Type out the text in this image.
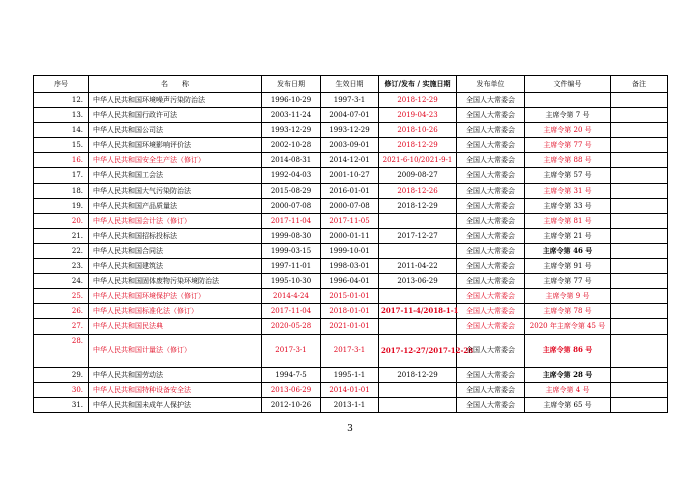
序号	名　　称	发布日期	生效日期	修订/发布 / 实施日期	发布单位	文件编号	备注
12.	中华人民共和国环境噪声污染防治法	1996-10-29	1997-3-1	2018-12-29	全国人大常委会		
13.	中华人民共和国行政许可法	2003-11-24	2004-07-01	2019-04-23	全国人大常委会	主席令第 7 号	
14.	中华人民共和国公司法	1993-12-29	1993-12-29	2018-10-26	全国人大常委会	主席令第 20 号	
15.	中华人民共和国环境影响评价法	2002-10-28	2003-09-01	2018-12-29	全国人大常委会	主席令第 77 号	
16.	中华人民共和国安全生产法（修订）	2014-08-31	2014-12-01	2021-6-10/2021-9-1	全国人大常委会	主席令第 88 号	
17.	中华人民共和国工会法	1992-04-03	2001-10-27	2009-08-27	全国人大常委会	主席令第 57 号	
18.	中华人民共和国大气污染防治法	2015-08-29	2016-01-01	2018-12-26	全国人大常委会	主席令第 31 号	
19.	中华人民共和国产品质量法	2000-07-08	2000-07-08	2018-12-29	全国人大常委会	主席令第 33 号	
20.	中华人民共和国会计法（修订）	2017-11-04	2017-11-05		全国人大常委会	主席令第 81 号	
21.	中华人民共和国招标投标法	1999-08-30	2000-01-11	2017-12-27	全国人大常委会	主席令第 21 号	
22.	中华人民共和国合同法	1999-03-15	1999-10-01		全国人大常委会	主席令第 46 号	
23.	中华人民共和国建筑法	1997-11-01	1998-03-01	2011-04-22	全国人大常委会	主席令第 91 号	
24.	中华人民共和国固体废物污染环境防治法	1995-10-30	1996-04-01	2013-06-29	全国人大常委会	主席令第 77 号	
25.	中华人民共和国环境保护法（修订）	2014-4-24	2015-01-01		全国人大常委会	主席令第 9 号	
26.	中华人民共和国标准化法（修订）	2017-11-04	2018-01-01	2017-11-4/2018-1-1	全国人大常委会	主席令第 78 号	
27.	中华人民共和国民法典	2020-05-28	2021-01-01		全国人大常委会	2020 年主席令第 45 号	
28.	中华人民共和国计量法（修订）	2017-3-1	2017-3-1	2017-12-27/2017-12-28	全国人大常委会	主席令第 86 号	
29.	中华人民共和国劳动法	1994-7-5	1995-1-1	2018-12-29	全国人大常委会	主席令第 28 号	
30.	中华人民共和国特种设备安全法	2013-06-29	2014-01-01		全国人大常委会	主席令第 4 号	
31.	中华人民共和国未成年人保护法	2012-10-26	2013-1-1		全国人大常委会	主席令第 65 号	
3
